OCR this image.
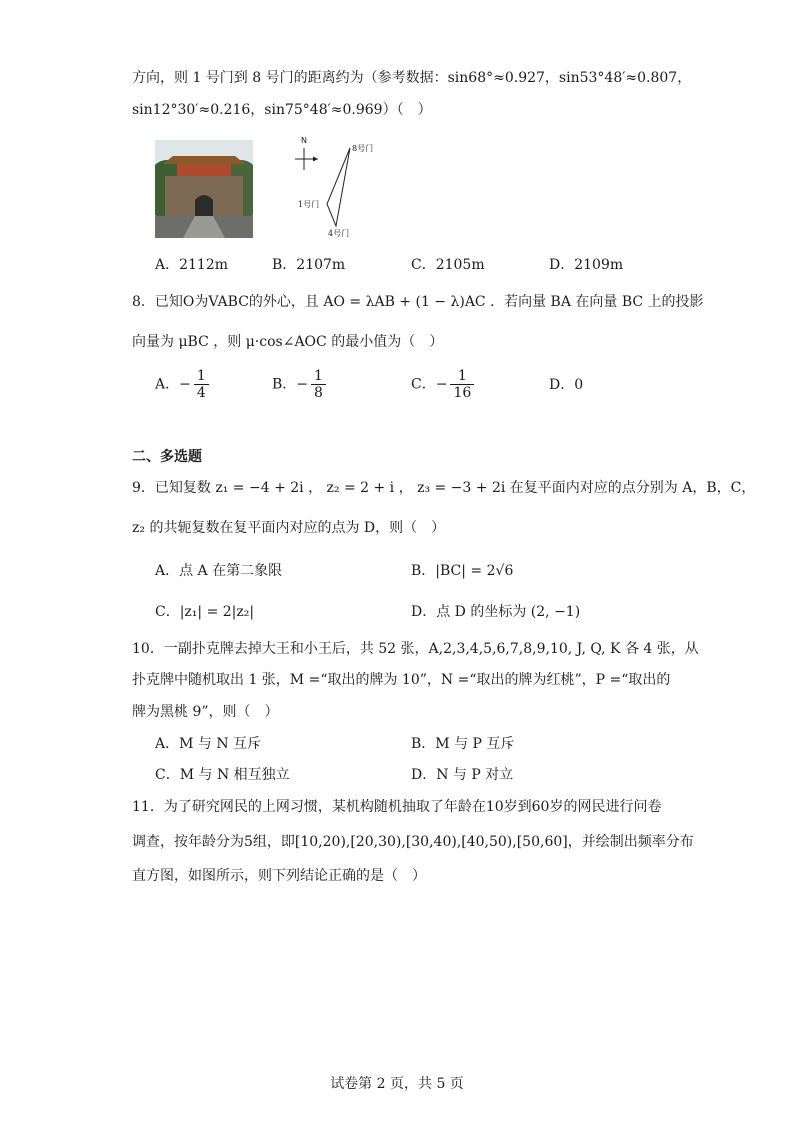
方向，则 1 号门到 8 号门的距离约为（参考数据：sin68°≈0.927，sin53°48′≈0.807，
sin12°30′≈0.216，sin75°48′≈0.969）（　）
N
8号门
1号门
4号门
A．2112m	B．2107m	C．2105m	D．2109m
8．已知O为VABC的外心，且 AO = λAB + (1 − λ)AC ．若向量 BA 在向量 BC 上的投影
向量为 μBC ，则 μ·cos∠AOC 的最小值为（　）
A．− $\frac{1}{4}$	B．− $\frac{1}{8}$	C．− $\frac{1}{16}$	D．0
二、多选题
9．已知复数 z₁ = −4 + 2i ， z₂ = 2 + i ， z₃ = −3 + 2i 在复平面内对应的点分别为 A，B，C，
z₂ 的共轭复数在复平面内对应的点为 D，则（　）
A．点 A 在第二象限	B．|BC| = 2√6
C．|z₁| = 2|z₂|	D．点 D 的坐标为 (2, −1)
10．一副扑克牌去掉大王和小王后，共 52 张，A,2,3,4,5,6,7,8,9,10, J, Q, K 各 4 张，从
扑克牌中随机取出 1 张，M =“取出的牌为 10”，N =“取出的牌为红桃”，P =“取出的
牌为黑桃 9”，则（　）
A．M 与 N 互斥	B．M 与 P 互斥
C．M 与 N 相互独立	D．N 与 P 对立
11．为了研究网民的上网习惯，某机构随机抽取了年龄在10岁到60岁的网民进行问卷
调查，按年龄分为5组，即[10,20),[20,30),[30,40),[40,50),[50,60]，并绘制出频率分布
直方图，如图所示，则下列结论正确的是（　）
试卷第 2 页，共 5 页
